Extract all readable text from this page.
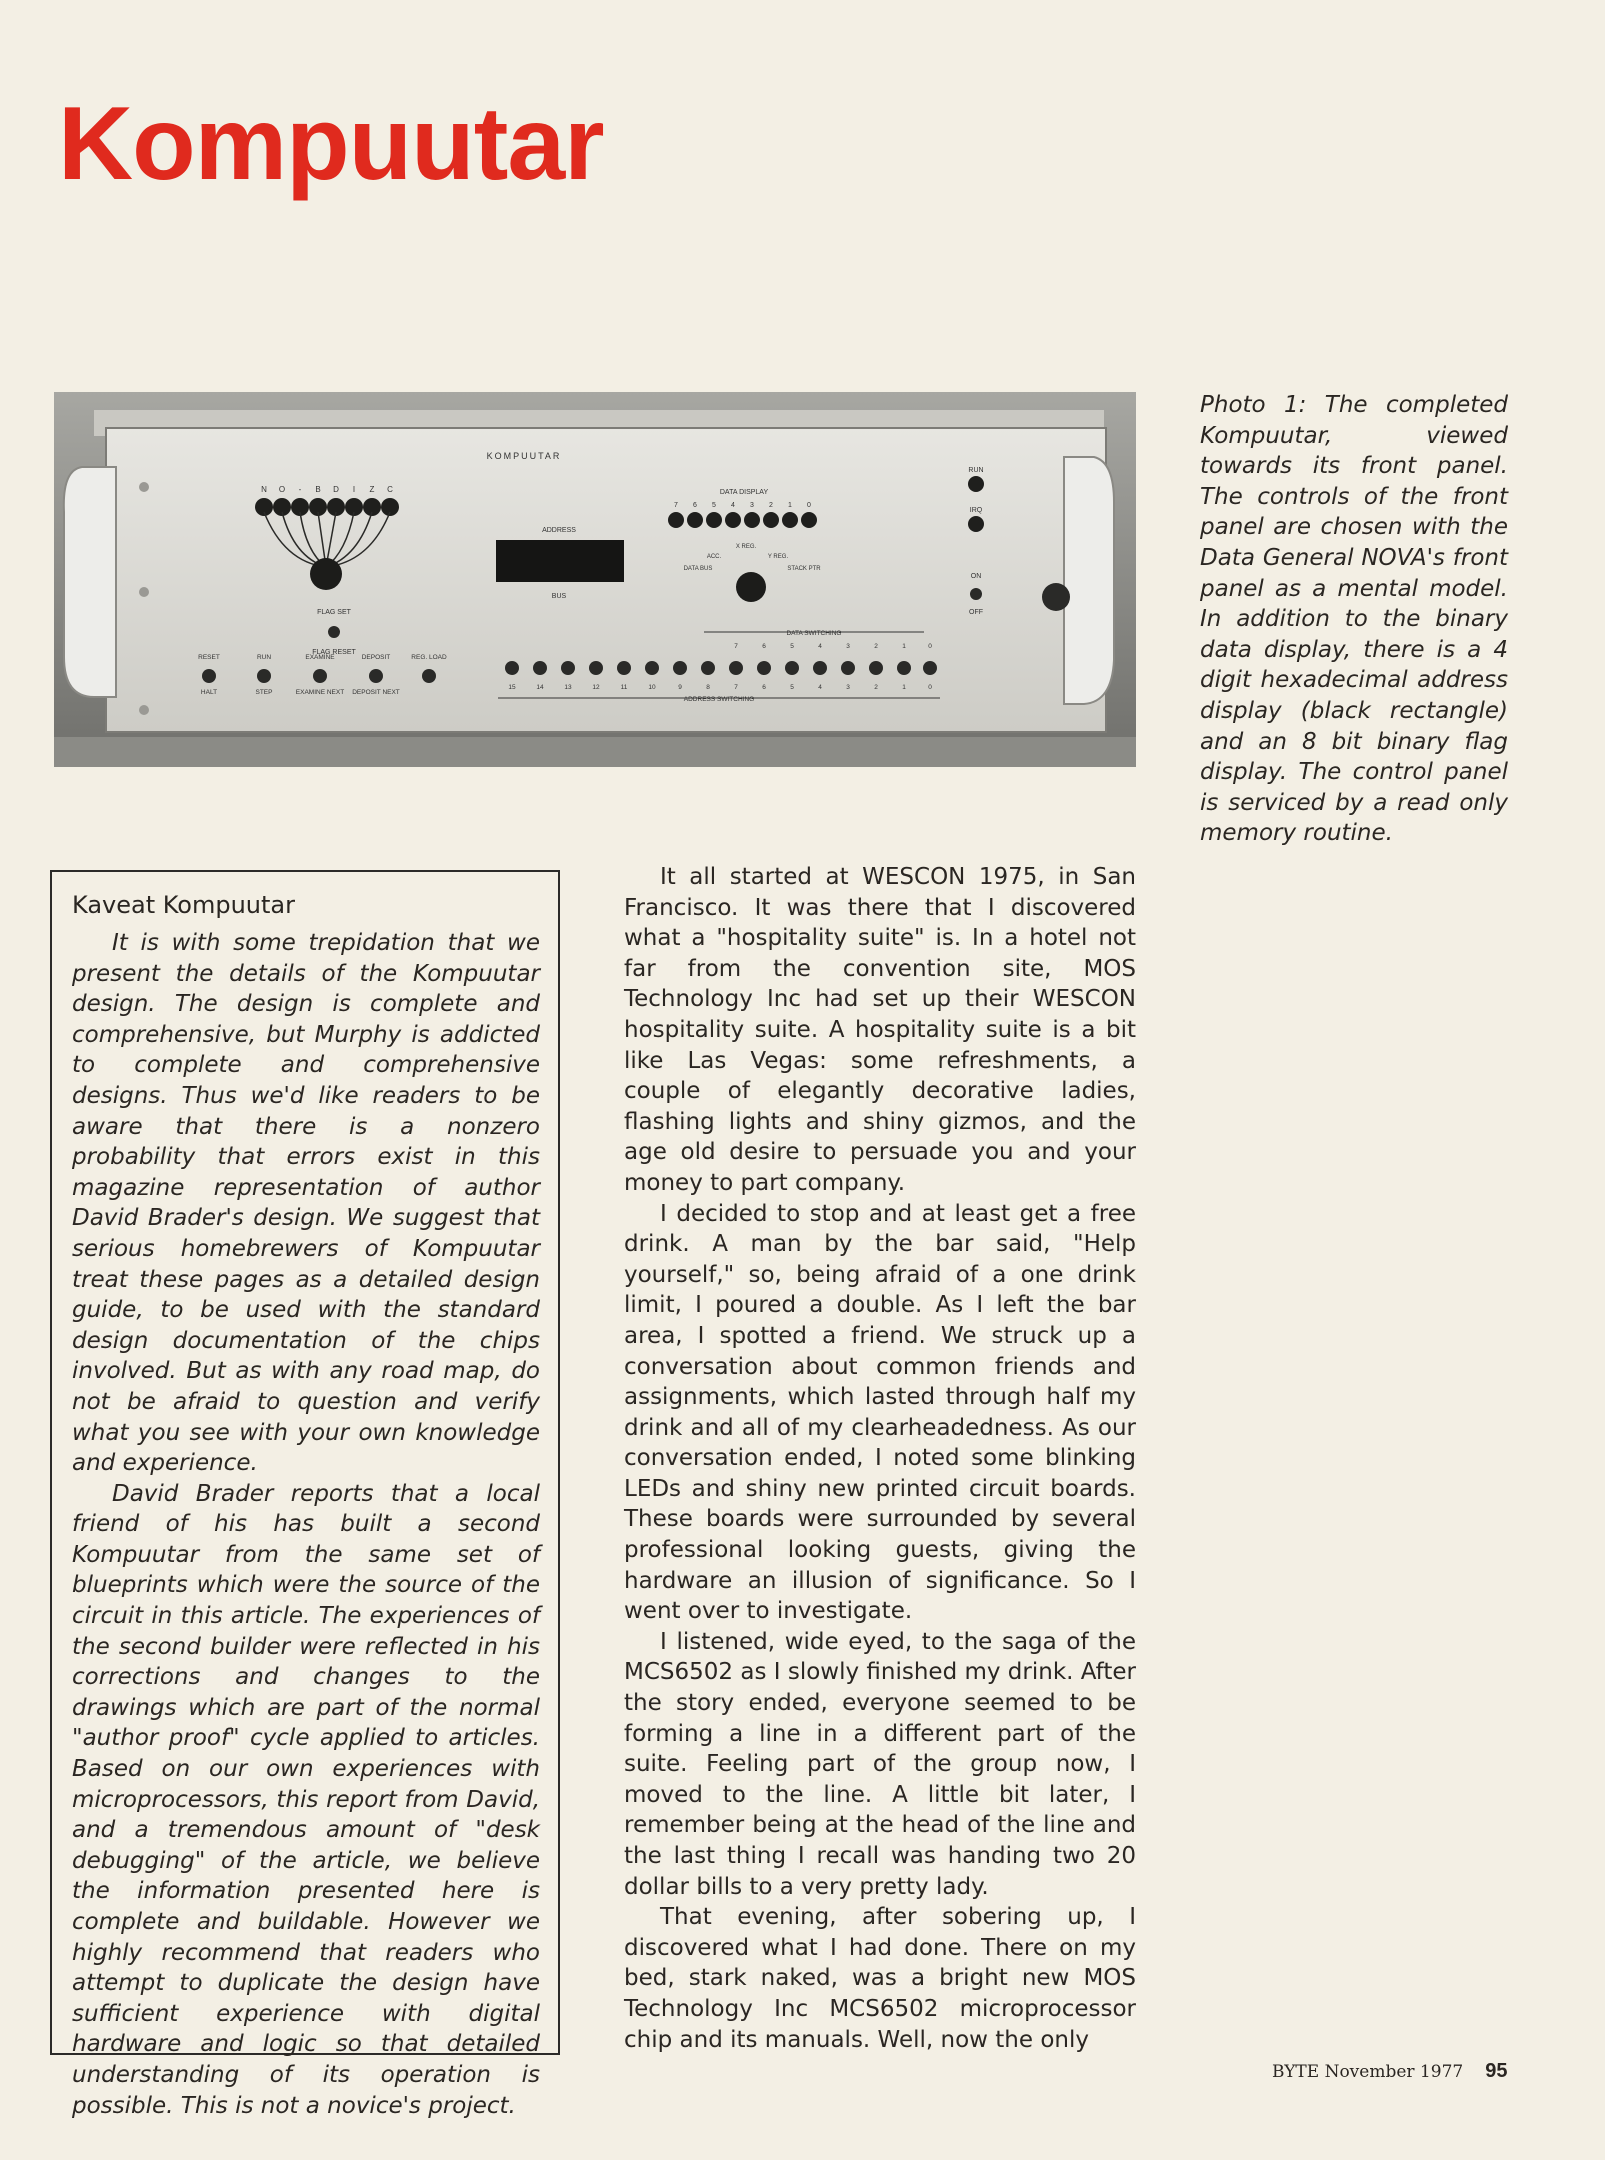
Kompuutar
KOMPUUTAR
N O - B D I Z C
FLAG SET
FLAG RESET
ADDRESS
BUS
DATA DISPLAY
7 6 5 4 3 2 1 0
X REG.
ACC.	Y REG.
DATA BUS	STACK PTR
RUN
IRQ
ON
OFF
RESET
HALT
RUN
STEP
EXAMINE
EXAMINE NEXT
DEPOSIT
DEPOSIT NEXT
REG. LOAD
DATA SWITCHING
7	6	5	4	3	2	1	0
15	14	13	12	11	10	9	8	7	6	5	4	3	2	1	0
ADDRESS SWITCHING

Photo 1: The completed Kompuutar, viewed towards its front panel. The controls of the front panel are chosen with the Data General NOVA's front panel as a mental model. In addition to the binary data display, there is a 4 digit hexadecimal address display (black rectangle) and an 8 bit binary flag display. The control panel is serviced by a read only memory routine.

Kaveat Kompuutar

It is with some trepidation that we present the details of the Kompuutar design. The design is complete and comprehensive, but Murphy is addicted to complete and comprehensive designs. Thus we'd like readers to be aware that there is a nonzero probability that errors exist in this magazine representation of author David Brader's design. We suggest that serious homebrewers of Kompuutar treat these pages as a detailed design guide, to be used with the standard design documentation of the chips involved. But as with any road map, do not be afraid to question and verify what you see with your own knowledge and experience.

David Brader reports that a local friend of his has built a second Kompuutar from the same set of blueprints which were the source of the circuit in this article. The experiences of the second builder were reflected in his corrections and changes to the drawings which are part of the normal "author proof" cycle applied to articles. Based on our own experiences with microprocessors, this report from David, and a tremendous amount of "desk debugging" of the article, we believe the information presented here is complete and buildable. However we highly recommend that readers who attempt to duplicate the design have sufficient experience with digital hardware and logic so that detailed understanding of its operation is possible. This is not a novice's project.

It all started at WESCON 1975, in San Francisco. It was there that I discovered what a "hospitality suite" is. In a hotel not far from the convention site, MOS Technology Inc had set up their WESCON hospitality suite. A hospitality suite is a bit like Las Vegas: some refreshments, a couple of elegantly decorative ladies, flashing lights and shiny gizmos, and the age old desire to persuade you and your money to part company.

I decided to stop and at least get a free drink. A man by the bar said, "Help yourself," so, being afraid of a one drink limit, I poured a double. As I left the bar area, I spotted a friend. We struck up a conversation about common friends and assignments, which lasted through half my drink and all of my clearheadedness. As our conversation ended, I noted some blinking LEDs and shiny new printed circuit boards. These boards were surrounded by several professional looking guests, giving the hardware an illusion of significance. So I went over to investigate.

I listened, wide eyed, to the saga of the MCS6502 as I slowly finished my drink. After the story ended, everyone seemed to be forming a line in a different part of the suite. Feeling part of the group now, I moved to the line. A little bit later, I remember being at the head of the line and the last thing I recall was handing two 20 dollar bills to a very pretty lady.

That evening, after sobering up, I discovered what I had done. There on my bed, stark naked, was a bright new MOS Technology Inc MCS6502 microprocessor chip and its manuals. Well, now the only

BYTE November 1977 95
